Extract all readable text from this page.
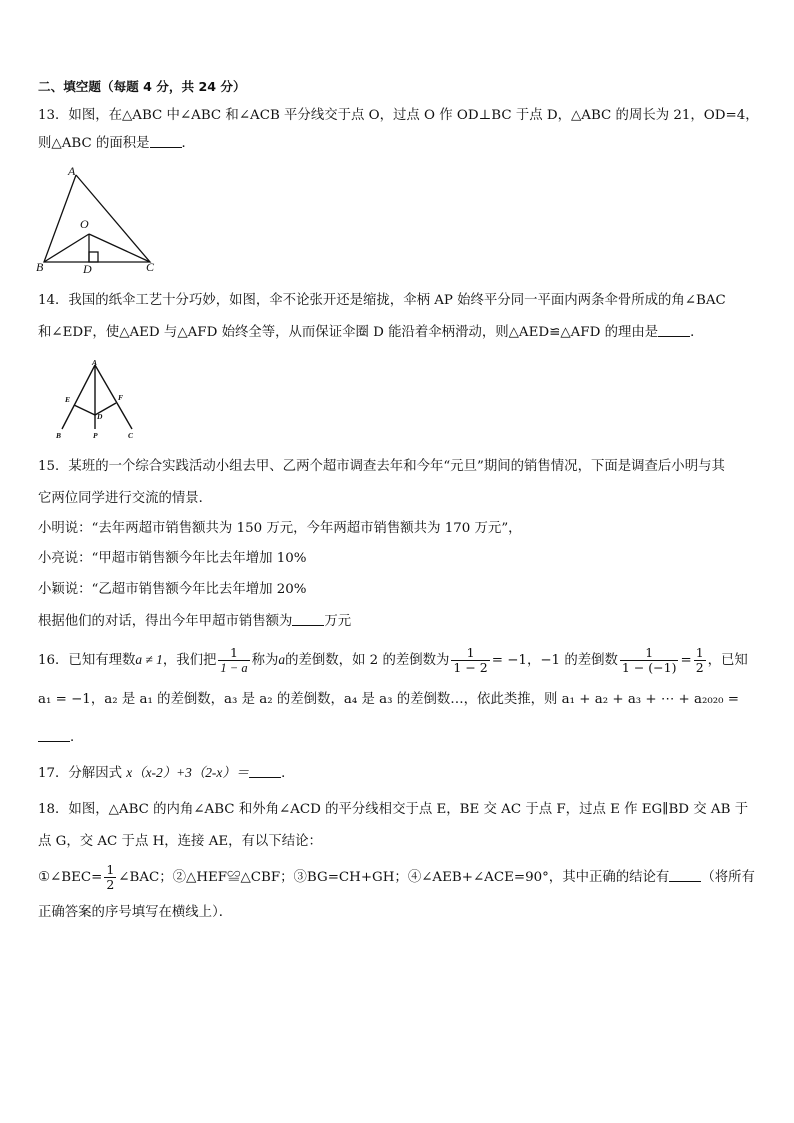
二、填空题（每题 4 分，共 24 分）
13．如图，在△ABC 中∠ABC 和∠ACB 平分线交于点 O，过点 O 作 OD⊥BC 于点 D，△ABC 的周长为 21，OD=4，
则△ABC 的面积是 ．
A
O
B	D	C
14．我国的纸伞工艺十分巧妙，如图，伞不论张开还是缩拢，伞柄 AP 始终平分同一平面内两条伞骨所成的角∠BAC
和∠EDF，使△AED 与△AFD 始终全等，从而保证伞圈 D 能沿着伞柄滑动，则△AED≌△AFD 的理由是 ．
A
E	F
D
B	P	C
15．某班的一个综合实践活动小组去甲、乙两个超市调查去年和今年“元旦”期间的销售情况，下面是调查后小明与其
它两位同学进行交流的情景．
小明说：“去年两超市销售额共为 150 万元，今年两超市销售额共为 170 万元”，
小亮说：“甲超市销售额今年比去年增加 10%
小颖说：“乙超市销售额今年比去年增加 20%
根据他们的对话，得出今年甲超市销售额为 万元
16．已知有理数a ≠ 1，我们把 $\frac{1}{1 - a}$ 称为a的差倒数，如 2 的差倒数为 $\frac{1}{1 - 2} = -1$，−1 的差倒数 $\frac{1}{1 - (-1)} = \frac{1}{2}$ ，已知
a₁ = −1，a₂ 是 a₁ 的差倒数，a₃ 是 a₂ 的差倒数，a₄ 是 a₃ 的差倒数…，依此类推，则 a₁ + a₂ + a₃ + ⋯ + a₂₀₂₀ =
．
17．分解因式 x（x-2）+3（2-x）＝ ．
18．如图，△ABC 的内角∠ABC 和外角∠ACD 的平分线相交于点 E，BE 交 AC 于点 F，过点 E 作 EG∥BD 交 AB 于
点 G，交 AC 于点 H，连接 AE，有以下结论：
①∠BEC= $\frac{1}{2}$ ∠BAC；②△HEF≌△CBF；③BG=CH+GH；④∠AEB+∠ACE=90°，其中正确的结论有 （将所有
正确答案的序号填写在横线上）．
